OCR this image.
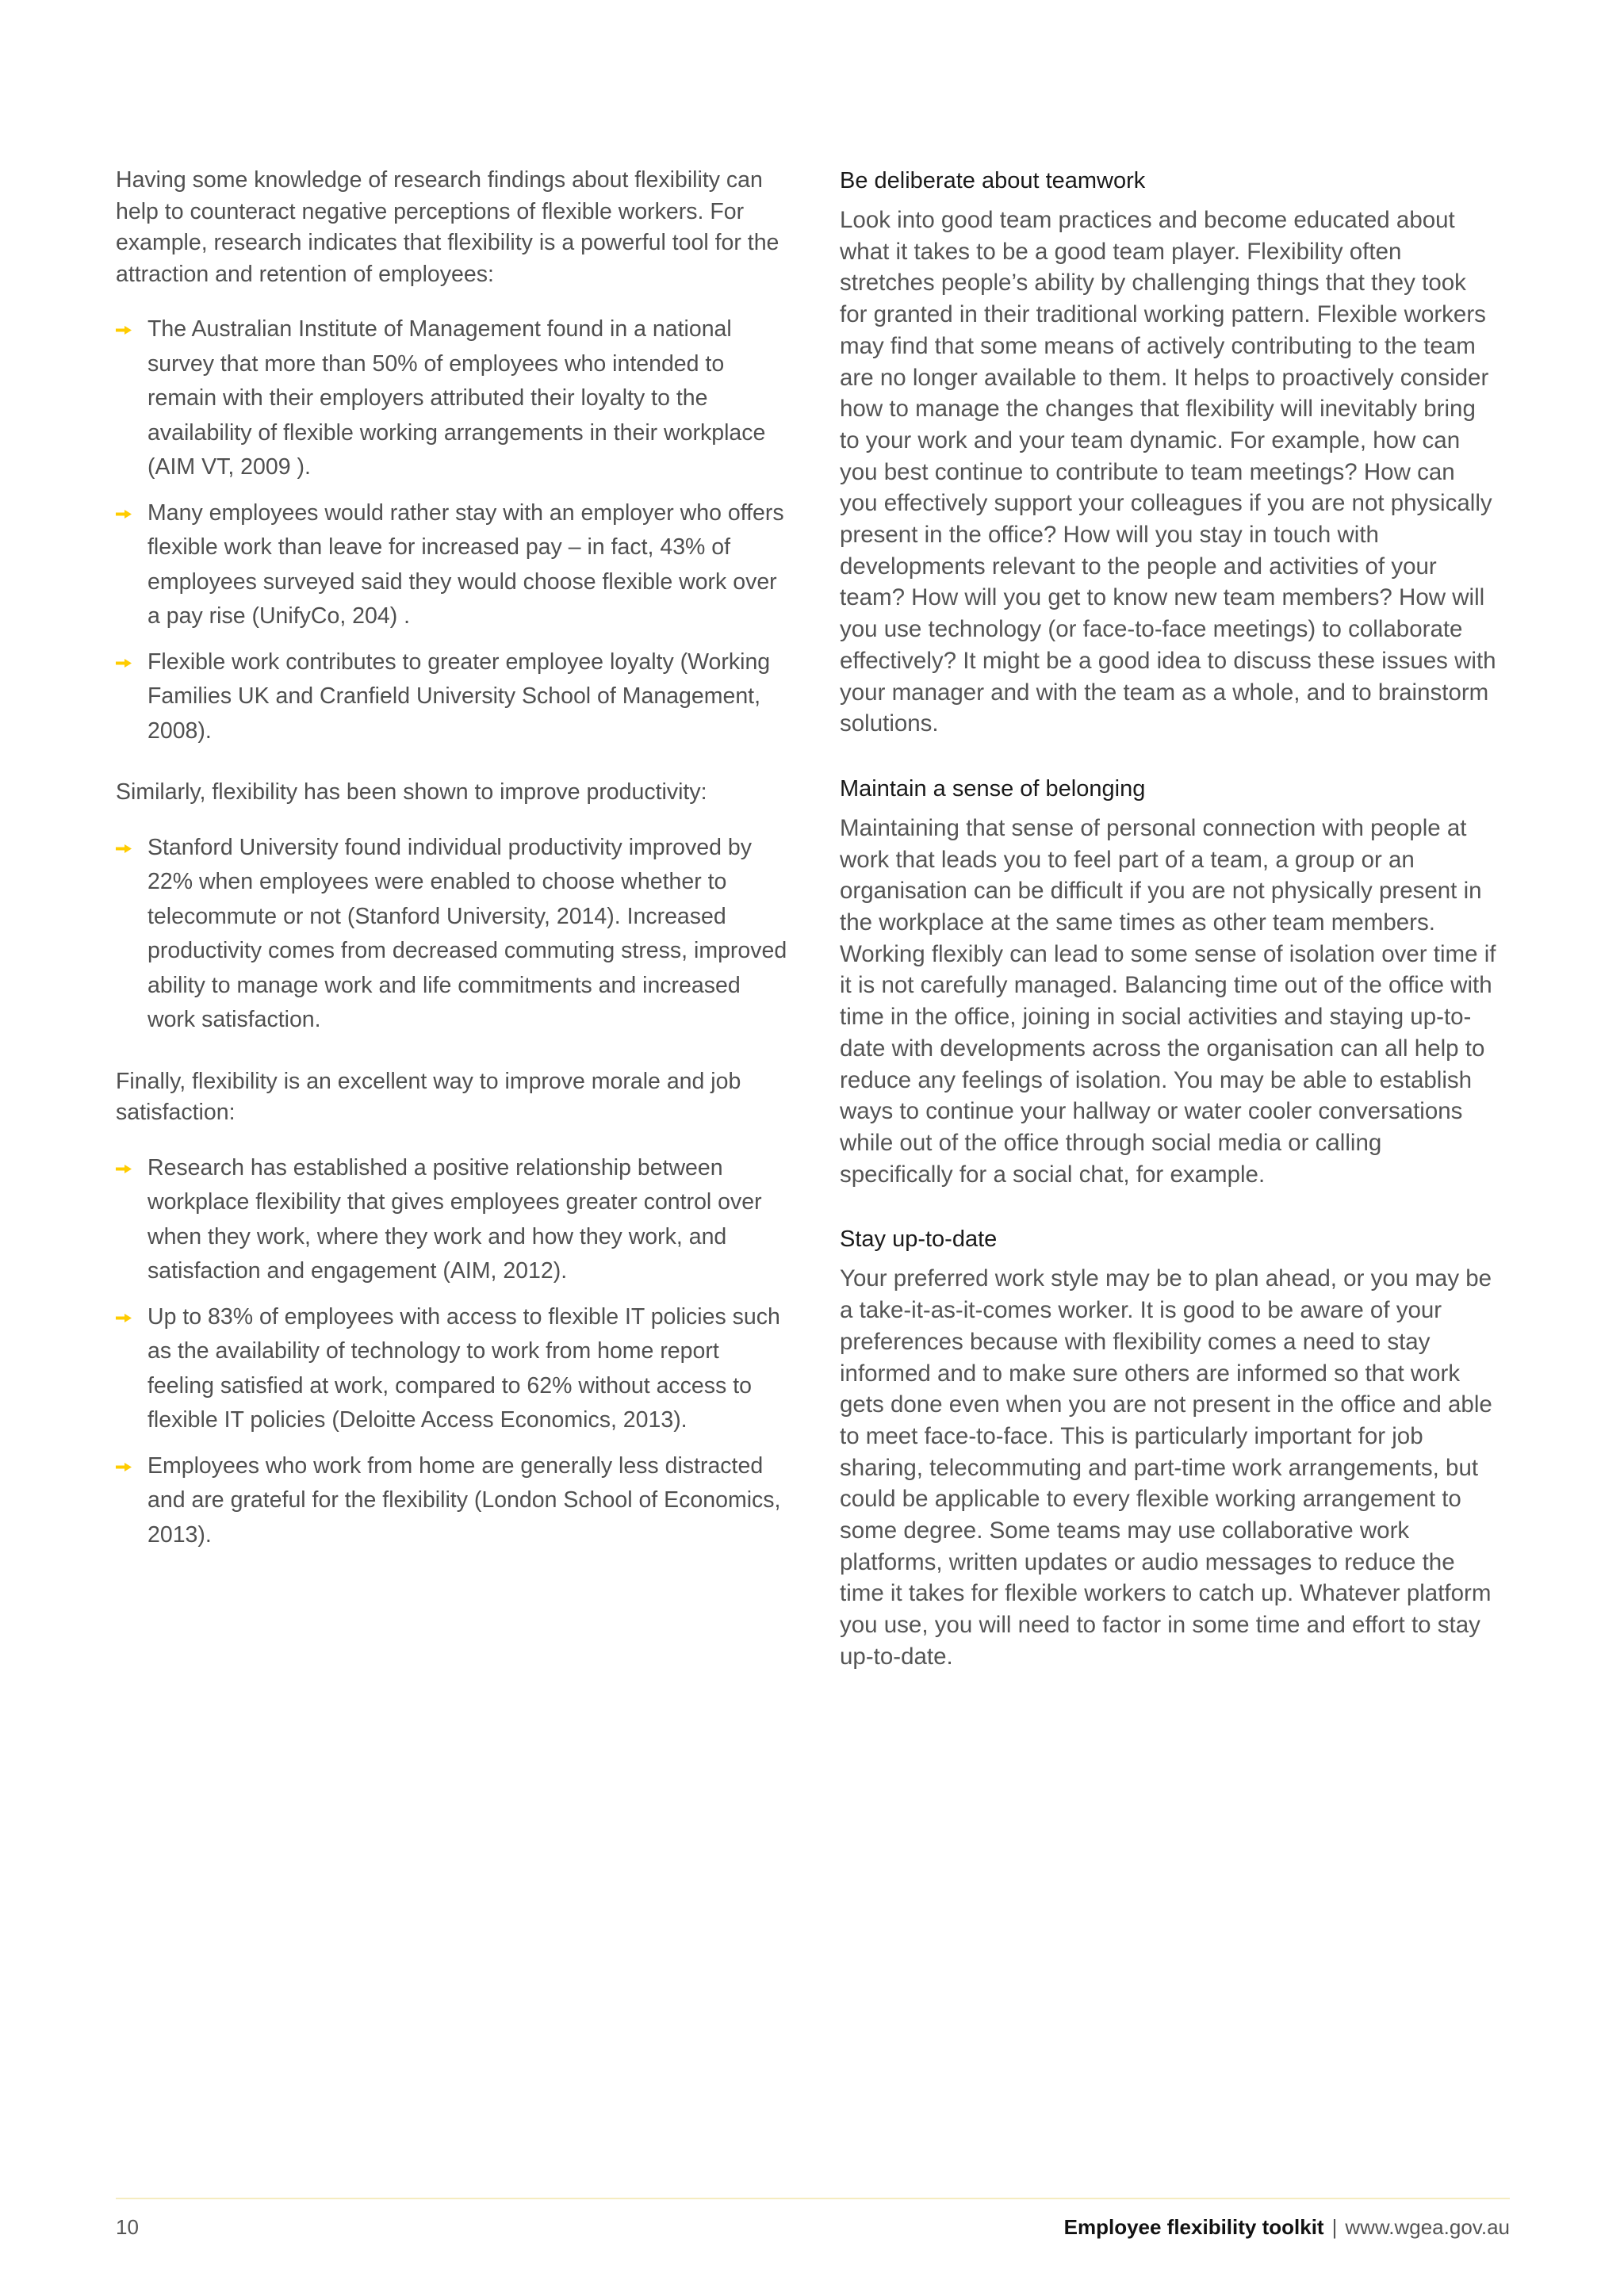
Having some knowledge of research findings about flexibility can help to counteract negative perceptions of flexible workers. For example, research indicates that flexibility is a powerful tool for the attraction and retention of employees:

The Australian Institute of Management found in a national survey that more than 50% of employees who intended to remain with their employers attributed their loyalty to the availability of flexible working arrangements in their workplace (AIM VT, 2009 ).
Many employees would rather stay with an employer who offers flexible work than leave for increased pay – in fact, 43% of employees surveyed said they would choose flexible work over a pay rise (UnifyCo, 204) .
Flexible work contributes to greater employee loyalty (Working Families UK and Cranfield University School of Management, 2008).

Similarly, flexibility has been shown to improve productivity:

Stanford University found individual productivity improved by 22% when employees were enabled to choose whether to telecommute or not (Stanford University, 2014). Increased productivity comes from decreased commuting stress, improved ability to manage work and life commitments and increased work satisfaction.

Finally, flexibility is an excellent way to improve morale and job satisfaction:

Research has established a positive relationship between workplace flexibility that gives employees greater control over when they work, where they work and how they work, and satisfaction and engagement (AIM, 2012).
Up to 83% of employees with access to flexible IT policies such as the availability of technology to work from home report feeling satisfied at work, compared to 62% without access to flexible IT policies (Deloitte Access Economics, 2013).
Employees who work from home are generally less distracted and are grateful for the flexibility (London School of Economics, 2013).
Be deliberate about teamwork

Look into good team practices and become educated about what it takes to be a good team player. Flexibility often stretches people’s ability by challenging things that they took for granted in their traditional working pattern. Flexible workers may find that some means of actively contributing to the team are no longer available to them. It helps to proactively consider how to manage the changes that flexibility will inevitably bring to your work and your team dynamic. For example, how can you best continue to contribute to team meetings? How can you effectively support your colleagues if you are not physically present in the office? How will you stay in touch with developments relevant to the people and activities of your team? How will you get to know new team members? How will you use technology (or face-to-face meetings) to collaborate effectively? It might be a good idea to discuss these issues with your manager and with the team as a whole, and to brainstorm solutions.

Maintain a sense of belonging

Maintaining that sense of personal connection with people at work that leads you to feel part of a team, a group or an organisation can be difficult if you are not physically present in the workplace at the same times as other team members. Working flexibly can lead to some sense of isolation over time if it is not carefully managed. Balancing time out of the office with time in the office, joining in social activities and staying up-to-date with developments across the organisation can all help to reduce any feelings of isolation. You may be able to establish ways to continue your hallway or water cooler conversations while out of the office through social media or calling specifically for a social chat, for example.

Stay up-to-date

Your preferred work style may be to plan ahead, or you may be a take-it-as-it-comes worker. It is good to be aware of your preferences because with flexibility comes a need to stay informed and to make sure others are informed so that work gets done even when you are not present in the office and able to meet face-to-face. This is particularly important for job sharing, telecommuting and part-time work arrangements, but could be applicable to every flexible working arrangement to some degree. Some teams may use collaborative work platforms, written updates or audio messages to reduce the time it takes for flexible workers to catch up. Whatever platform you use, you will need to factor in some time and effort to stay up-to-date.

10	Employee flexibility toolkit | www.wgea.gov.au
